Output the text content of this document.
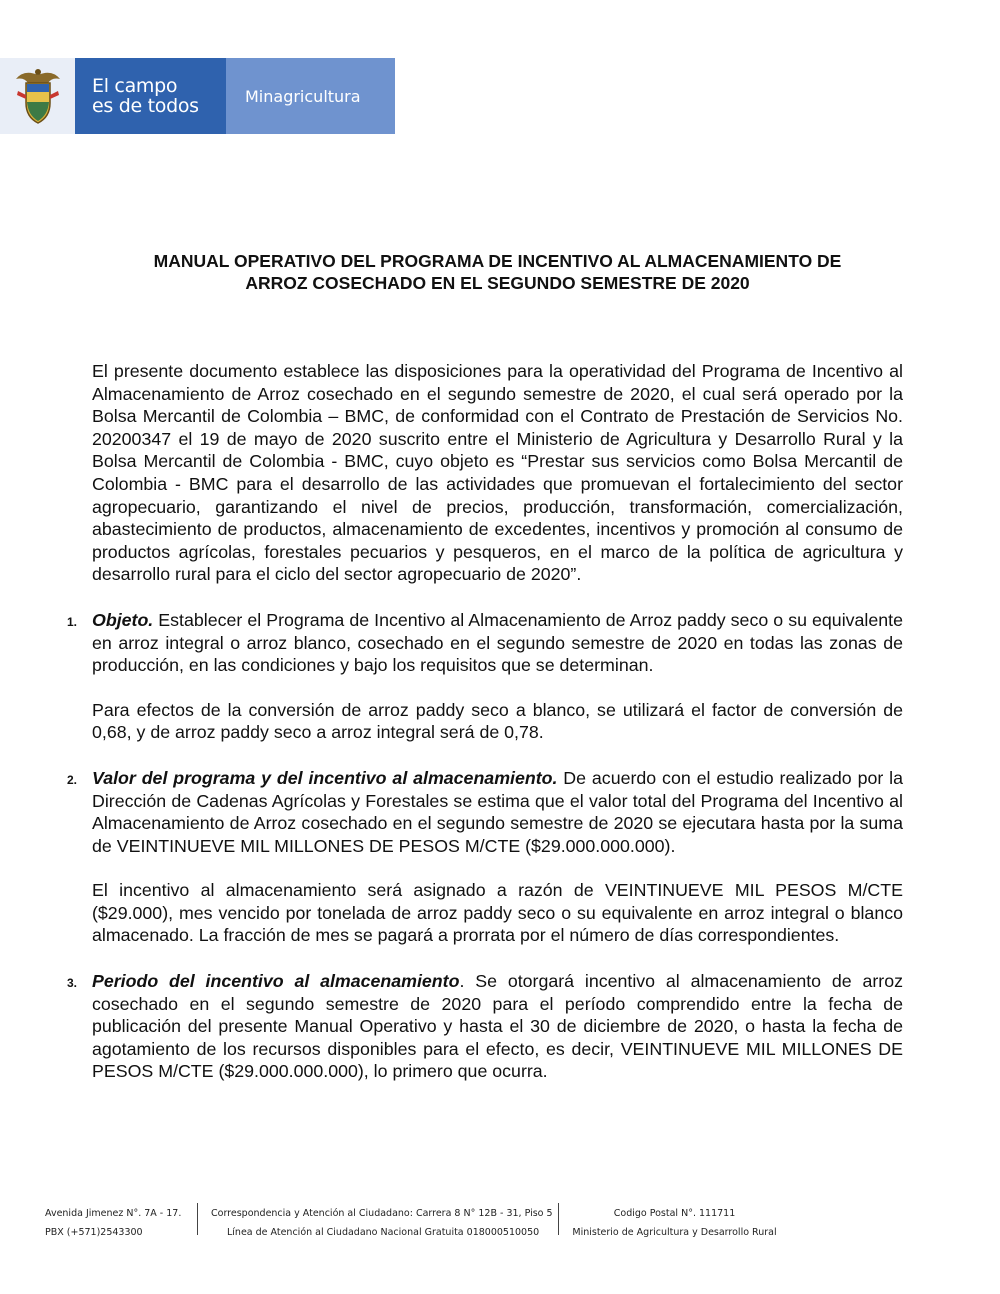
El campo
es de todos	Minagricultura
MANUAL OPERATIVO DEL PROGRAMA DE INCENTIVO AL ALMACENAMIENTO DE
ARROZ COSECHADO EN EL SEGUNDO SEMESTRE DE 2020

El presente documento establece las disposiciones para la operatividad del Programa de Incentivo al Almacenamiento de Arroz cosechado en el segundo semestre de 2020, el cual será operado por la Bolsa Mercantil de Colombia – BMC, de conformidad con el Contrato de Prestación de Servicios No. 20200347 el 19 de mayo de 2020 suscrito entre el Ministerio de Agricultura y Desarrollo Rural y la Bolsa Mercantil de Colombia - BMC, cuyo objeto es “Prestar sus servicios como Bolsa Mercantil de Colombia - BMC para el desarrollo de las actividades que promuevan el fortalecimiento del sector agropecuario, garantizando el nivel de precios, producción, transformación, comercialización, abastecimiento de productos, almacenamiento de excedentes, incentivos y promoción al consumo de productos agrícolas, forestales pecuarios y pesqueros, en el marco de la política de agricultura y desarrollo rural para el ciclo del sector agropecuario de 2020”.

1. Objeto. Establecer el Programa de Incentivo al Almacenamiento de Arroz paddy seco o su equivalente en arroz integral o arroz blanco, cosechado en el segundo semestre de 2020 en todas las zonas de producción, en las condiciones y bajo los requisitos que se determinan.

Para efectos de la conversión de arroz paddy seco a blanco, se utilizará el factor de conversión de 0,68, y de arroz paddy seco a arroz integral será de 0,78.

2. Valor del programa y del incentivo al almacenamiento. De acuerdo con el estudio realizado por la Dirección de Cadenas Agrícolas y Forestales se estima que el valor total del Programa del Incentivo al Almacenamiento de Arroz cosechado en el segundo semestre de 2020 se ejecutara hasta por la suma de VEINTINUEVE MIL MILLONES DE PESOS M/CTE ($29.000.000.000).

El incentivo al almacenamiento será asignado a razón de VEINTINUEVE MIL PESOS M/CTE ($29.000), mes vencido por tonelada de arroz paddy seco o su equivalente en arroz integral o blanco almacenado. La fracción de mes se pagará a prorrata por el número de días correspondientes.

3. Periodo del incentivo al almacenamiento. Se otorgará incentivo al almacenamiento de arroz cosechado en el segundo semestre de 2020 para el período comprendido entre la fecha de publicación del presente Manual Operativo y hasta el 30 de diciembre de 2020, o hasta la fecha de agotamiento de los recursos disponibles para el efecto, es decir, VEINTINUEVE MIL MILLONES DE PESOS M/CTE ($29.000.000.000), lo primero que ocurra.

Avenida Jimenez N°. 7A - 17.
PBX (+571)2543300
Correspondencia y Atención al Ciudadano: Carrera 8 N° 12B - 31, Piso 5
Línea de Atención al Ciudadano Nacional Gratuita 018000510050
Codigo Postal N°. 111711
Ministerio de Agricultura y Desarrollo Rural
